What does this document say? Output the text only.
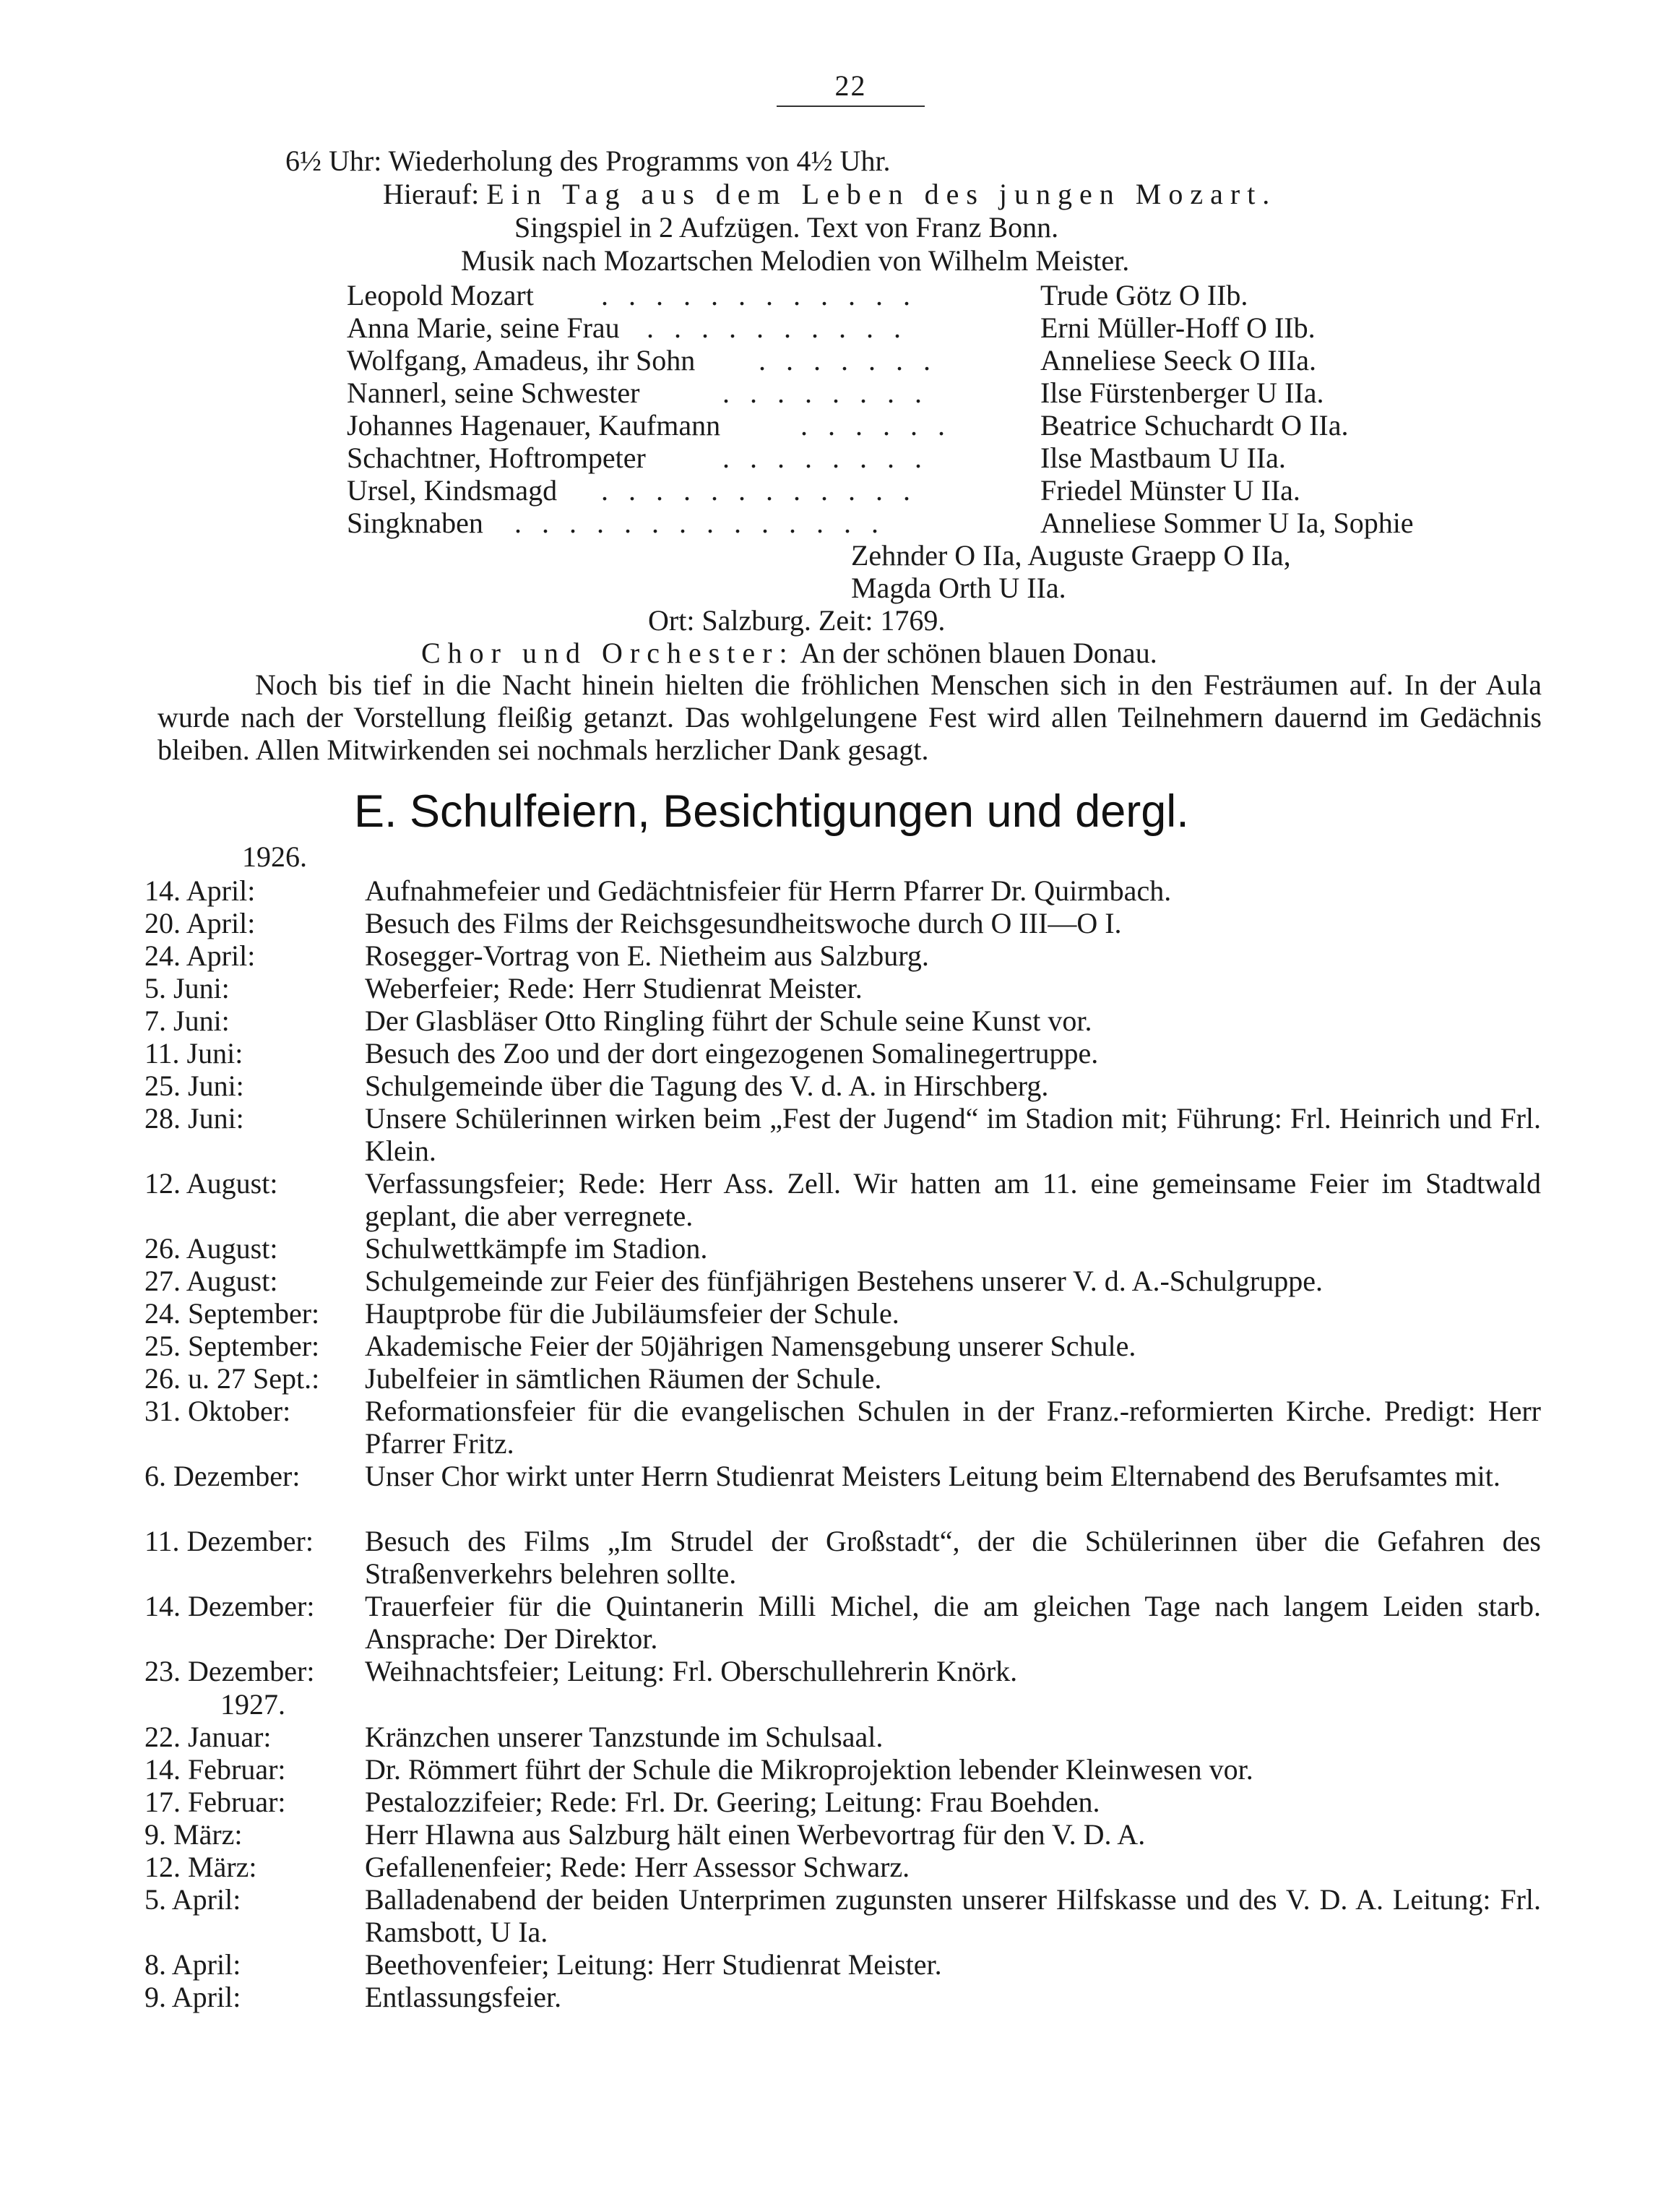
22
6½ Uhr: Wiederholung des Programms von 4½ Uhr.
Hierauf: Ein Tag aus dem Leben des jungen Mozart.
Singspiel in 2 Aufzügen. Text von Franz Bonn.
Musik nach Mozartschen Melodien von Wilhelm Meister.
Leopold Mozart . . . . . . . . . . . .	Trude Götz O IIb.
Anna Marie, seine Frau . . . . . . . . . .	Erni Müller-Hoff O IIb.
Wolfgang, Amadeus, ihr Sohn . . . . . . .	Anneliese Seeck O IIIa.
Nannerl, seine Schwester	. . . . . . . .	Ilse Fürstenberger U IIa.
Johannes Hagenauer, Kaufmann	. . . . . .	Beatrice Schuchardt O IIa.
Schachtner, Hoftrompeter	. . . . . . . .	Ilse Mastbaum U IIa.
Ursel, Kindsmagd . . . . . . . . . . . .	Friedel Münster U IIa.
Singknaben . . . . . . . . . . . . . .	Anneliese Sommer U Ia, Sophie
Zehnder O IIa, Auguste Graepp O IIa,
Magda Orth U IIa.
Ort: Salzburg. Zeit: 1769.
Chor und Orchester: An der schönen blauen Donau.
Noch bis tief in die Nacht hinein hielten die fröhlichen Menschen sich in den Festräumen auf. In der Aula wurde nach der Vorstellung fleißig getanzt. Das wohlgelungene Fest wird allen Teilnehmern dauernd im Gedächnis bleiben. Allen Mitwirkenden sei nochmals herzlicher Dank gesagt.
E. Schulfeiern, Besichtigungen und dergl.
1926.
14. April:	Aufnahmefeier und Gedächtnisfeier für Herrn Pfarrer Dr. Quirmbach.
20. April:	Besuch des Films der Reichsgesundheitswoche durch O III—O I.
24. April:	Rosegger-Vortrag von E. Nietheim aus Salzburg.
5. Juni:	Weberfeier; Rede: Herr Studienrat Meister.
7. Juni:	Der Glasbläser Otto Ringling führt der Schule seine Kunst vor.
11. Juni:	Besuch des Zoo und der dort eingezogenen Somalinegertruppe.
25. Juni:	Schulgemeinde über die Tagung des V. d. A. in Hirschberg.
28. Juni:	Unsere Schülerinnen wirken beim „Fest der Jugend“ im Stadion mit; Führung: Frl. Heinrich und Frl. Klein.
12. August:	Verfassungsfeier; Rede: Herr Ass. Zell. Wir hatten am 11. eine gemeinsame Feier im Stadtwald geplant, die aber verregnete.
26. August:	Schulwettkämpfe im Stadion.
27. August:	Schulgemeinde zur Feier des fünfjährigen Bestehens unserer V. d. A.-Schulgruppe.
24. September:	Hauptprobe für die Jubiläumsfeier der Schule.
25. September:	Akademische Feier der 50jährigen Namensgebung unserer Schule.
26. u. 27 Sept.:	Jubelfeier in sämtlichen Räumen der Schule.
31. Oktober:	Reformationsfeier für die evangelischen Schulen in der Franz.-reformierten Kirche. Predigt: Herr Pfarrer Fritz.
6. Dezember:	Unser Chor wirkt unter Herrn Studienrat Meisters Leitung beim Elternabend des Berufsamtes mit.
11. Dezember:	Besuch des Films „Im Strudel der Großstadt“, der die Schülerinnen über die Gefahren des Straßenverkehrs belehren sollte.
14. Dezember:	Trauerfeier für die Quintanerin Milli Michel, die am gleichen Tage nach langem Leiden starb. Ansprache: Der Direktor.
23. Dezember:	Weihnachtsfeier; Leitung: Frl. Oberschullehrerin Knörk.
1927.
22. Januar:	Kränzchen unserer Tanzstunde im Schulsaal.
14. Februar:	Dr. Römmert führt der Schule die Mikroprojektion lebender Kleinwesen vor.
17. Februar:	Pestalozzifeier; Rede: Frl. Dr. Geering; Leitung: Frau Boehden.
9. März:	Herr Hlawna aus Salzburg hält einen Werbevortrag für den V. D. A.
12. März:	Gefallenenfeier; Rede: Herr Assessor Schwarz.
5. April:	Balladenabend der beiden Unterprimen zugunsten unserer Hilfskasse und des V. D. A. Leitung: Frl. Ramsbott, U Ia.
8. April:	Beethovenfeier; Leitung: Herr Studienrat Meister.
9. April:	Entlassungsfeier.
